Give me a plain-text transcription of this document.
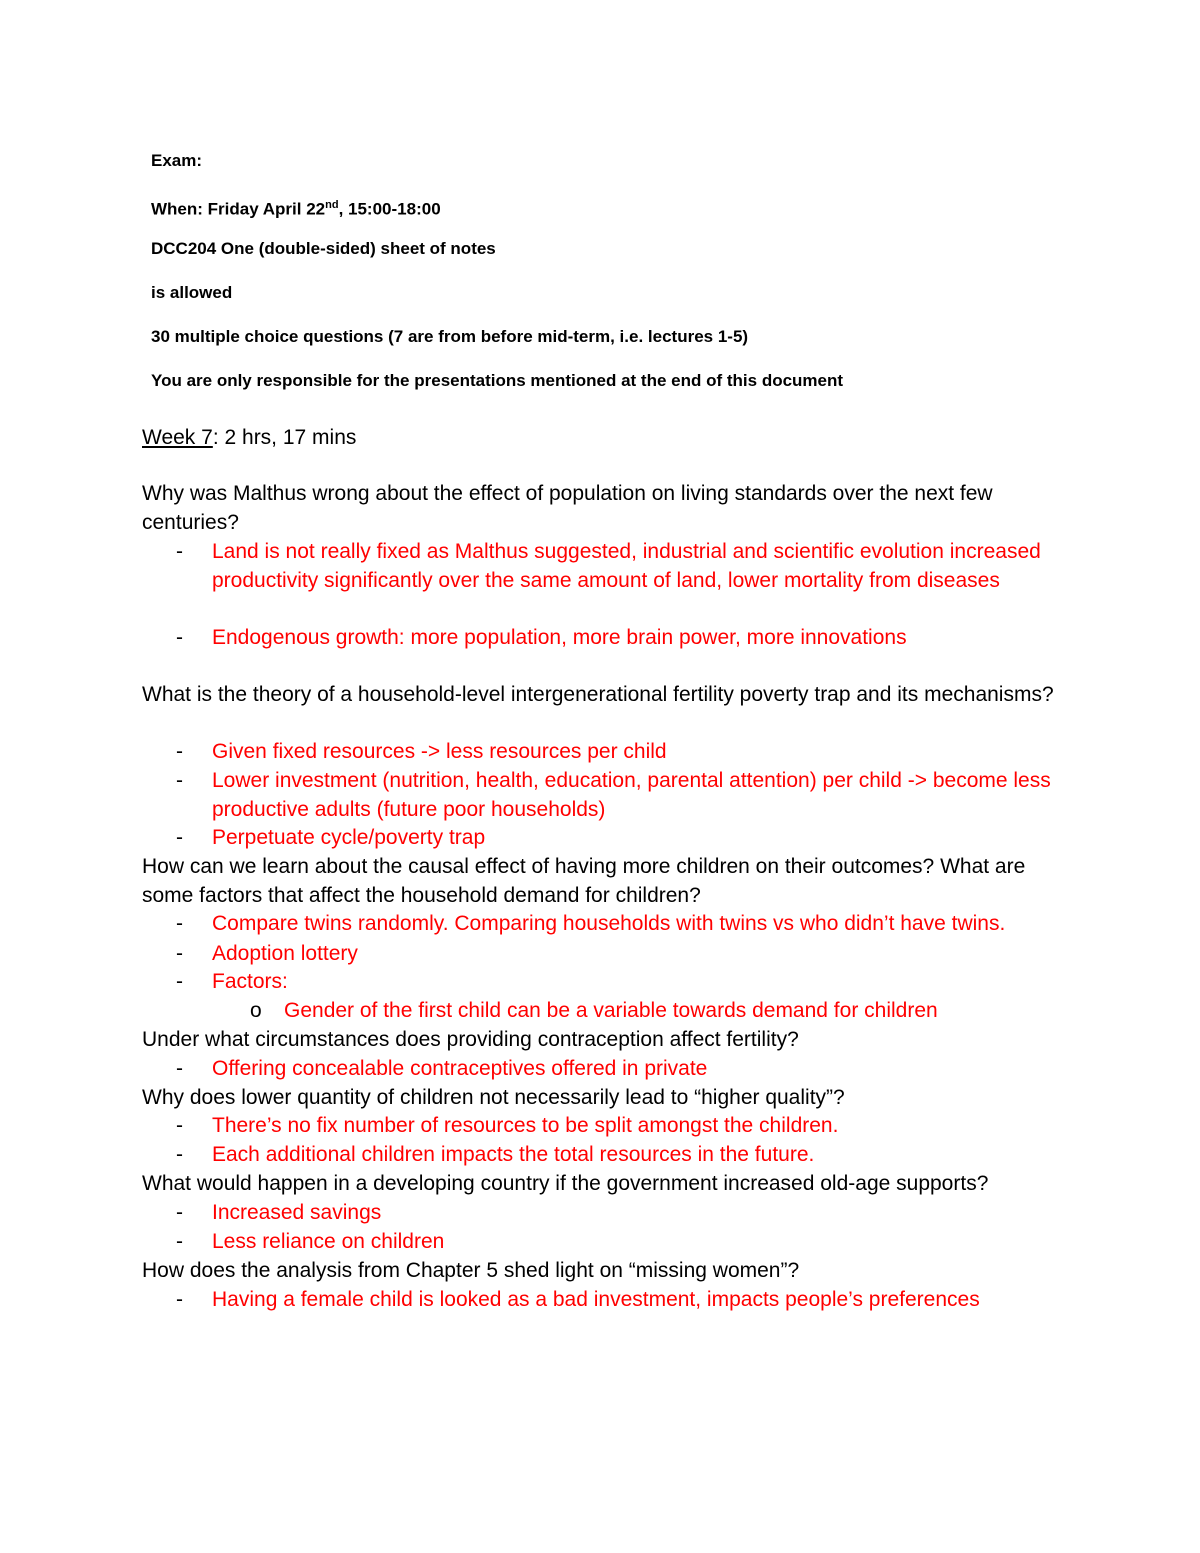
Exam:
When: Friday April 22nd, 15:00-18:00
DCC204 One (double-sided) sheet of notes
is allowed
30 multiple choice questions (7 are from before mid-term, i.e. lectures 1-5)
You are only responsible for the presentations mentioned at the end of this document
Week 7: 2 hrs, 17 mins
Why was Malthus wrong about the effect of population on living standards over the next few centuries?
- Land is not really fixed as Malthus suggested, industrial and scientific evolution increased productivity significantly over the same amount of land, lower mortality from diseases
- Endogenous growth: more population, more brain power, more innovations
What is the theory of a household-level intergenerational fertility poverty trap and its mechanisms?
- Given fixed resources -> less resources per child
- Lower investment (nutrition, health, education, parental attention) per child -> become less productive adults (future poor households)
- Perpetuate cycle/poverty trap
How can we learn about the causal effect of having more children on their outcomes? What are some factors that affect the household demand for children?
- Compare twins randomly. Comparing households with twins vs who didn’t have twins.
- Adoption lottery
- Factors:
o Gender of the first child can be a variable towards demand for children
Under what circumstances does providing contraception affect fertility?
- Offering concealable contraceptives offered in private
Why does lower quantity of children not necessarily lead to “higher quality”?
- There’s no fix number of resources to be split amongst the children.
- Each additional children impacts the total resources in the future.
What would happen in a developing country if the government increased old-age supports?
- Increased savings
- Less reliance on children
How does the analysis from Chapter 5 shed light on “missing women”?
- Having a female child is looked as a bad investment, impacts people’s preferences
